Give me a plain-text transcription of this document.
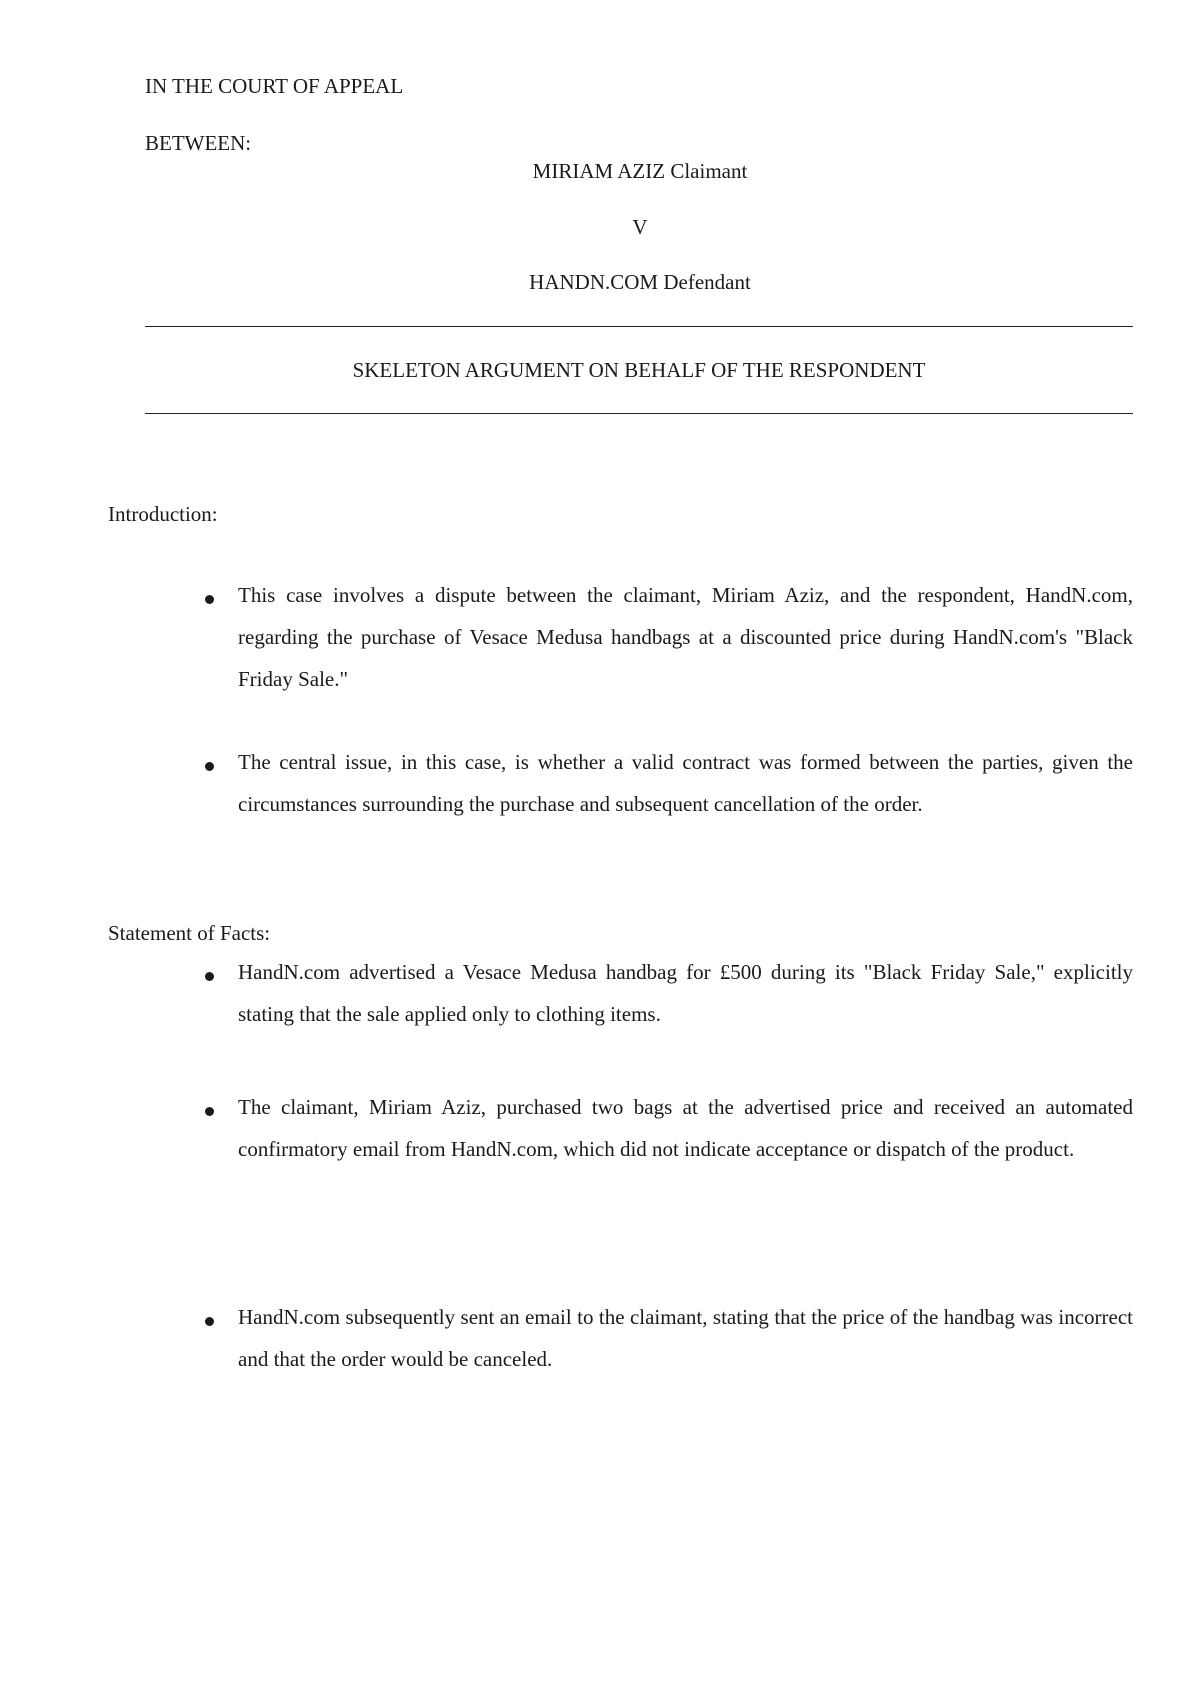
IN THE COURT OF APPEAL
BETWEEN:
MIRIAM AZIZ Claimant
V
HANDN.COM Defendant
SKELETON ARGUMENT ON BEHALF OF THE RESPONDENT
Introduction:
This case involves a dispute between the claimant, Miriam Aziz, and the respondent, HandN.com, regarding the purchase of Vesace Medusa handbags at a discounted price during HandN.com's "Black Friday Sale."
The central issue, in this case, is whether a valid contract was formed between the parties, given the circumstances surrounding the purchase and subsequent cancellation of the order.
Statement of Facts:
HandN.com advertised a Vesace Medusa handbag for £500 during its "Black Friday Sale," explicitly stating that the sale applied only to clothing items.
The claimant, Miriam Aziz, purchased two bags at the advertised price and received an automated confirmatory email from HandN.com, which did not indicate acceptance or dispatch of the product.
HandN.com subsequently sent an email to the claimant, stating that the price of the handbag was incorrect and that the order would be canceled.
